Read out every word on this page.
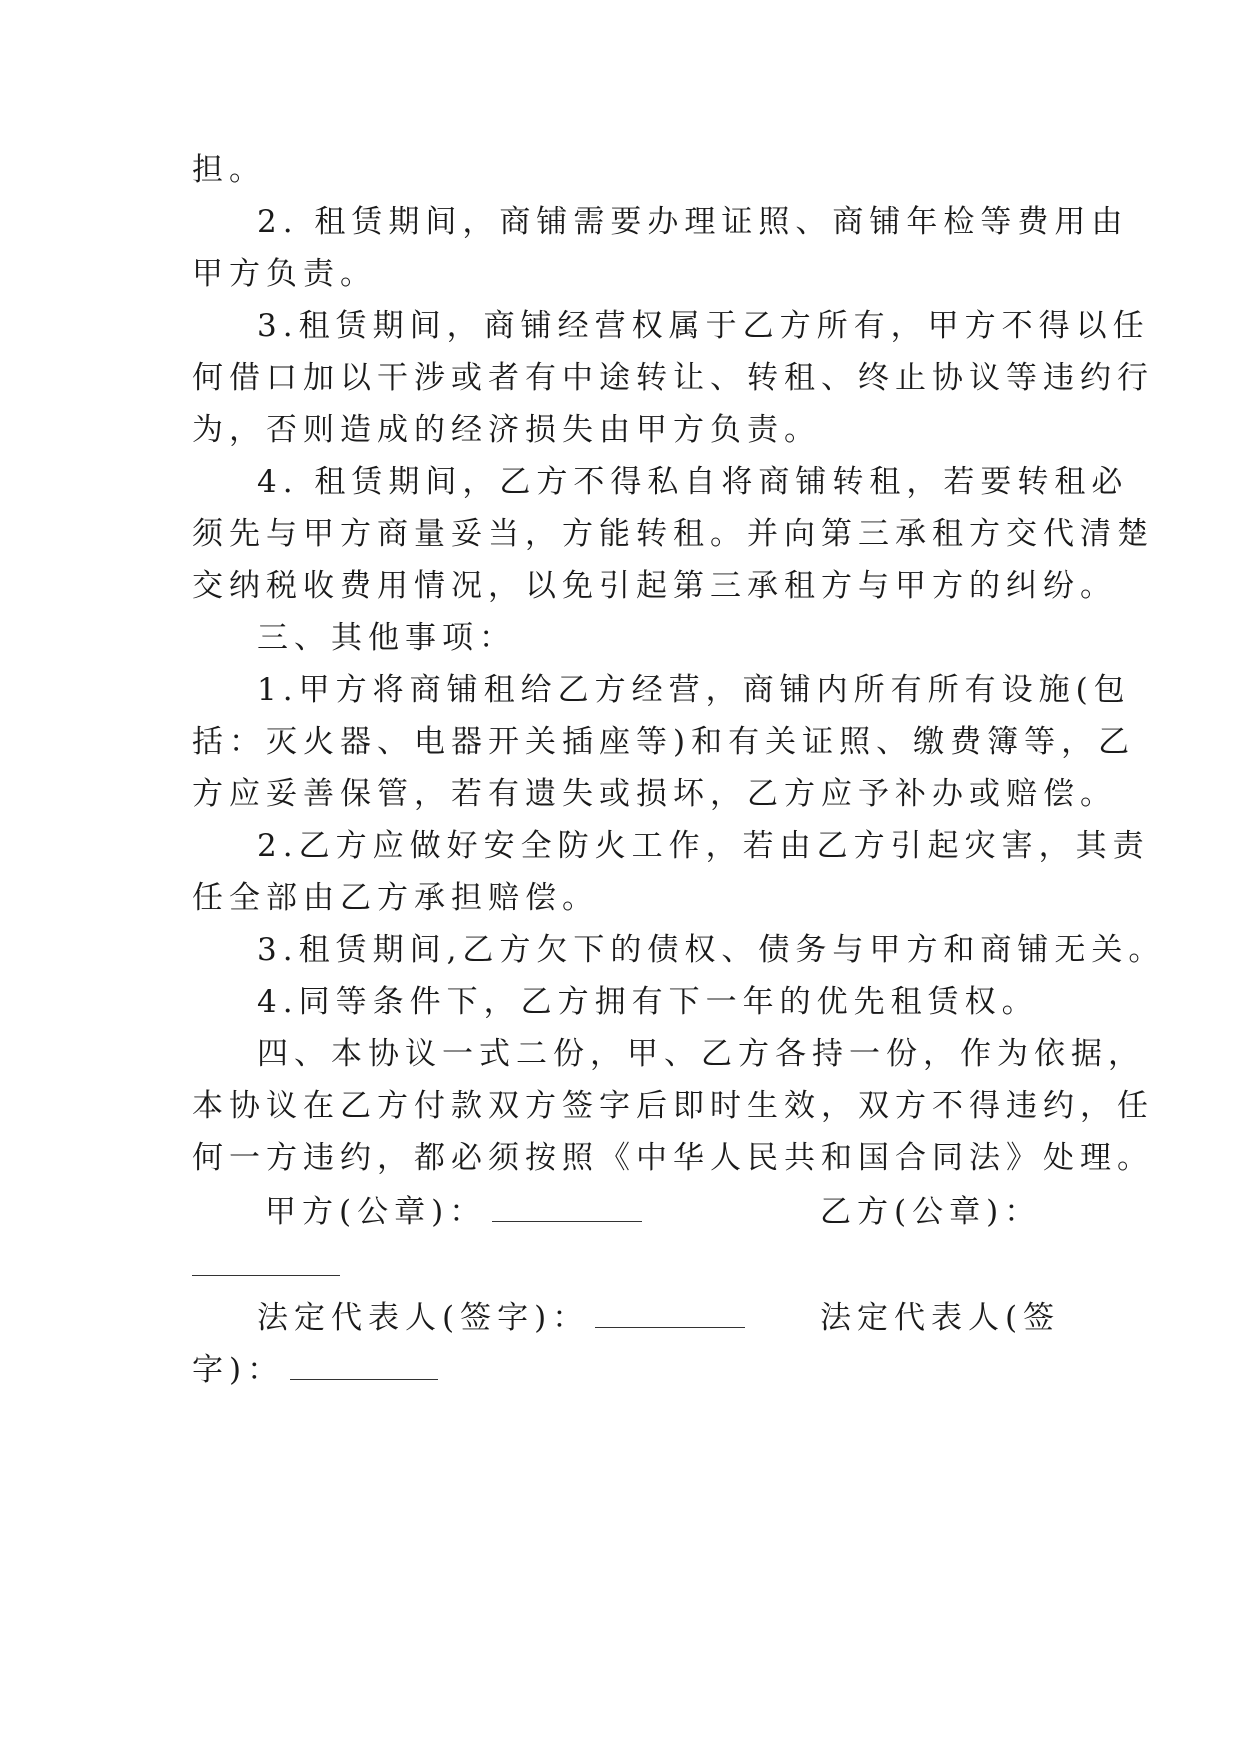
担。
2. 租赁期间，商铺需要办理证照、商铺年检等费用由
甲方负责。
3.租赁期间，商铺经营权属于乙方所有，甲方不得以任
何借口加以干涉或者有中途转让、转租、终止协议等违约行
为，否则造成的经济损失由甲方负责。
4. 租赁期间，乙方不得私自将商铺转租，若要转租必
须先与甲方商量妥当，方能转租。并向第三承租方交代清楚
交纳税收费用情况，以免引起第三承租方与甲方的纠纷。
三、其他事项：
1.甲方将商铺租给乙方经营，商铺内所有所有设施(包
括：灭火器、电器开关插座等)和有关证照、缴费簿等，乙
方应妥善保管，若有遗失或损坏，乙方应予补办或赔偿。
2.乙方应做好安全防火工作，若由乙方引起灾害，其责
任全部由乙方承担赔偿。
3.租赁期间,乙方欠下的债权、债务与甲方和商铺无关。
4.同等条件下，乙方拥有下一年的优先租赁权。
四、本协议一式二份，甲、乙方各持一份，作为依据，
本协议在乙方付款双方签字后即时生效，双方不得违约，任
何一方违约，都必须按照《中华人民共和国合同法》处理。
甲方(公章)：	乙方(公章)：
法定代表人(签字)：	法定代表人(签
字)：
